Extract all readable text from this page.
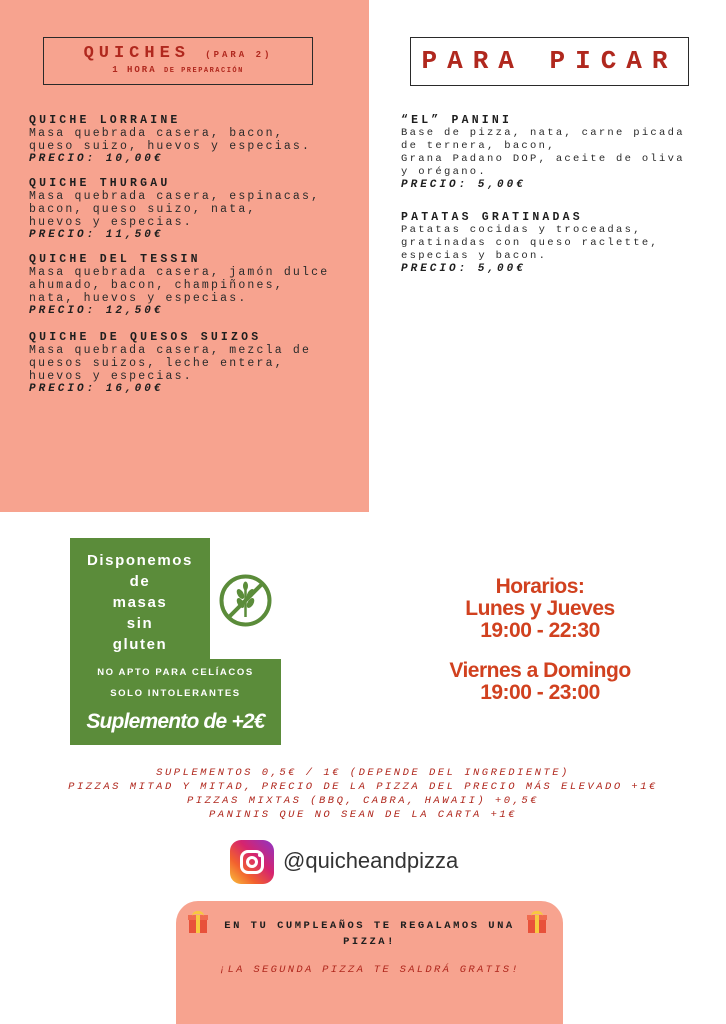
QUICHES (PARA 2)
1 HORA DE PREPARACIÓN	PARA PICAR
QUICHE LORRAINE
Masa quebrada casera, bacon,
queso suizo, huevos y especias.
PRECIO: 10,00€
QUICHE THURGAU
Masa quebrada casera, espinacas,
bacon, queso suizo, nata,
huevos y especias.
PRECIO: 11,50€
QUICHE DEL TESSIN
Masa quebrada casera, jamón dulce
ahumado, bacon, champiñones,
nata, huevos y especias.
PRECIO: 12,50€
QUICHE DE QUESOS SUIZOS
Masa quebrada casera, mezcla de
quesos suizos, leche entera,
huevos y especias.
PRECIO: 16,00€
“EL” PANINI
Base de pizza, nata, carne picada
de ternera, bacon,
Grana Padano DOP, aceite de oliva
y orégano.
PRECIO: 5,00€
PATATAS GRATINADAS
Patatas cocidas y troceadas,
gratinadas con queso raclette,
especias y bacon.
PRECIO: 5,00€
Disponemos
de
masas
sin
gluten
NO APTO PARA CELÍACOS
SOLO INTOLERANTES
Suplemento de +2€
Horarios:
Lunes y Jueves
19:00 - 22:30
Viernes a Domingo
19:00 - 23:00
SUPLEMENTOS 0,5€ / 1€ (DEPENDE DEL INGREDIENTE)
PIZZAS MITAD Y MITAD, PRECIO DE LA PIZZA DEL PRECIO MÁS ELEVADO +1€
PIZZAS MIXTAS (BBQ, CABRA, HAWAII) +0,5€
PANINIS QUE NO SEAN DE LA CARTA +1€
@quicheandpizza
EN TU CUMPLEAÑOS TE REGALAMOS UNA PIZZA!
¡LA SEGUNDA PIZZA TE SALDRÁ GRATIS!
